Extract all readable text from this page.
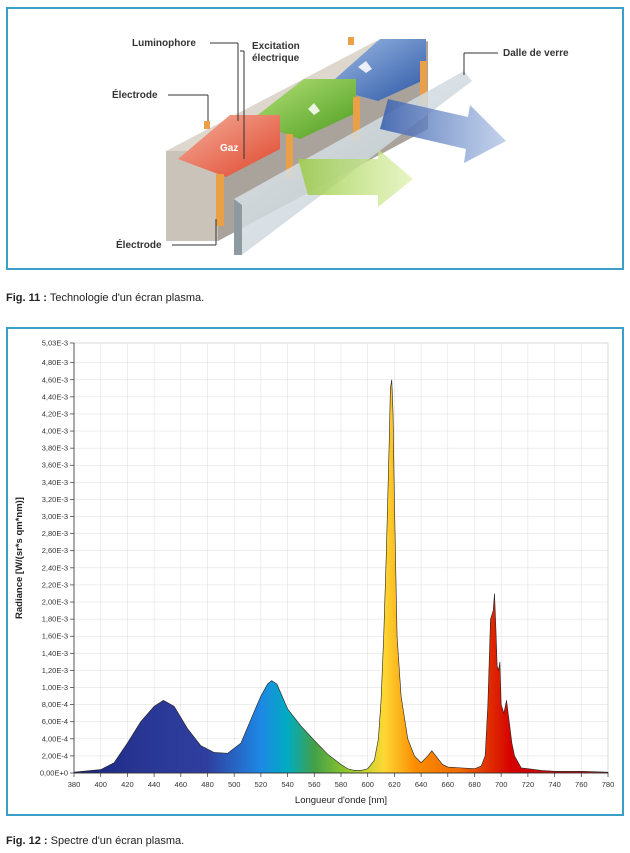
Luminophore
Électrode
Excitation
électrique	Dalle de verre
Électrode
Gaz
Fig. 11 : Technologie d'un écran plasma.
0,00E+0
2,00E-4
4,00E-4
6,00E-4
8,00E-4
1,00E-3
1,20E-3
1,40E-3
1,60E-3
1,80E-3
2,00E-3
2,20E-3
2,40E-3
2,60E-3
2,80E-3
3,00E-3
3,20E-3
3,40E-3
3,60E-3
3,80E-3
4,00E-3
4,20E-3
4,40E-3
4,60E-3
4,80E-3
5,03E-3
380 400 420 440 460 480 500 520 540 560 580 600 620 640 660 680 700 720 740 760 780
Radiance [W/(sr*s qm*nm)]
Longueur d'onde [nm]
Fig. 12 : Spectre d'un écran plasma.
